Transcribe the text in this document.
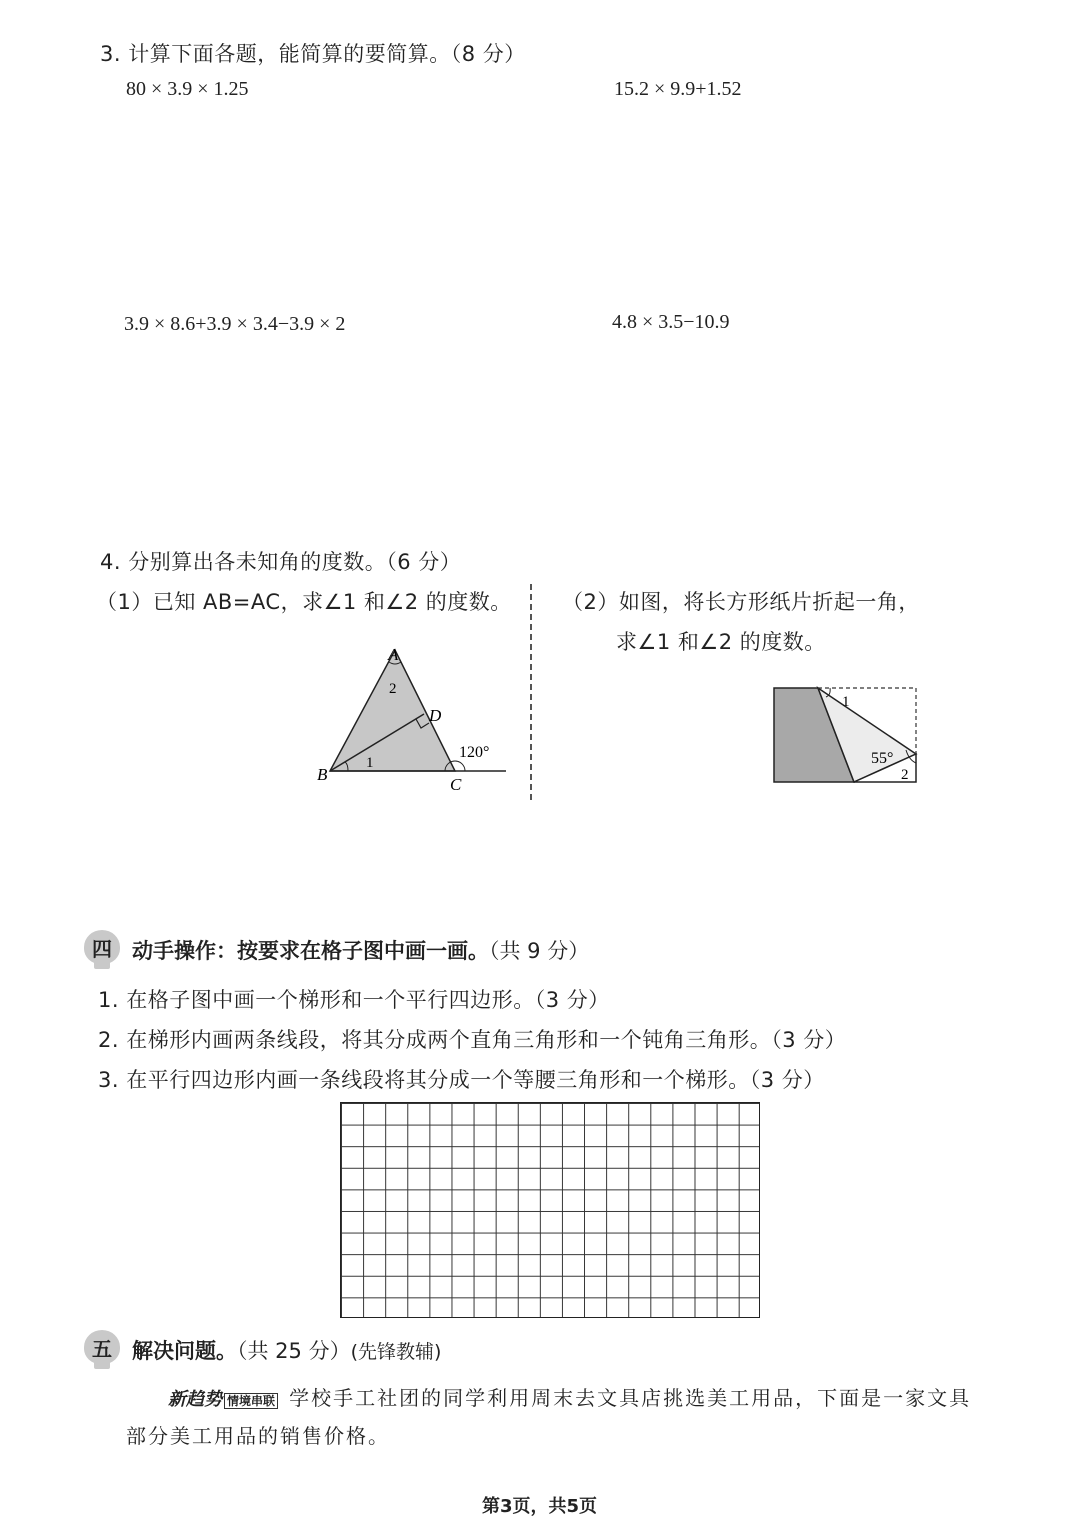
3. 计算下面各题，能简算的要简算。（8 分）
80 × 3.9 × 1.25	15.2 × 9.9+1.52
3.9 × 8.6+3.9 × 3.4−3.9 × 2	4.8 × 3.5−10.9
4. 分别算出各未知角的度数。（6 分）
（1）已知 AB=AC，求∠1 和∠2 的度数。 （2）如图，将长方形纸片折起一角，
求∠1 和∠2 的度数。
A
B
C
D
2
1
120°
1
55°
2
四 动手操作：按要求在格子图中画一画。（共 9 分）
1. 在格子图中画一个梯形和一个平行四边形。（3 分）
2. 在梯形内画两条线段，将其分成两个直角三角形和一个钝角三角形。（3 分）
3. 在平行四边形内画一条线段将其分成一个等腰三角形和一个梯形。（3 分）
五 解决问题。（共 25 分）(先锋教辅)
新趋势 情境串联 学校手工社团的同学利用周末去文具店挑选美工用品，下面是一家文具
部分美工用品的销售价格。
第3页，共5页
